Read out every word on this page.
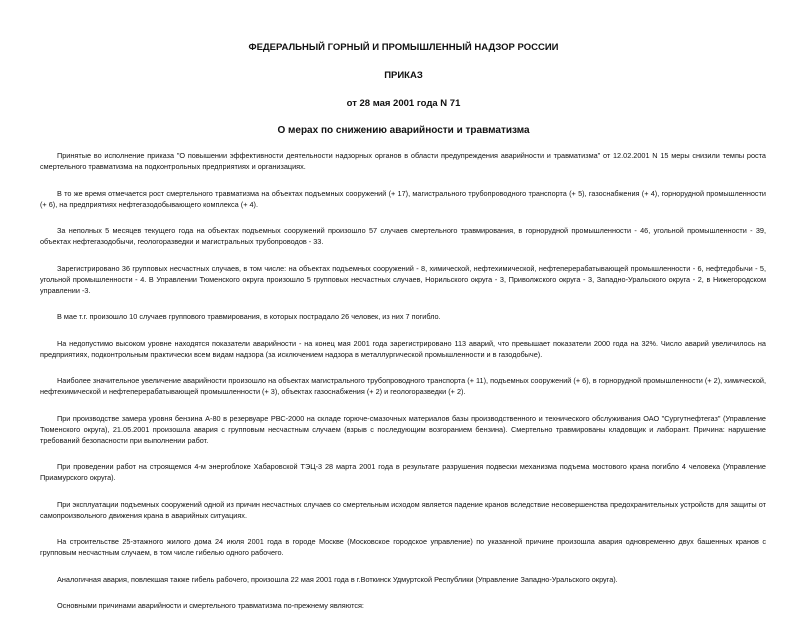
ФЕДЕРАЛЬНЫЙ ГОРНЫЙ И ПРОМЫШЛЕННЫЙ НАДЗОР РОССИИ
ПРИКАЗ
от 28 мая 2001 года N 71
О мерах по снижению аварийности и травматизма

Принятые во исполнение приказа "О повышении эффективности деятельности надзорных органов в области предупреждения аварийности и травматизма" от 12.02.2001 N 15 меры снизили темпы роста смертельного травматизма на подконтрольных предприятиях и организациях.

В то же время отмечается рост смертельного травматизма на объектах подъемных сооружений (+ 17), магистрального трубопроводного транспорта (+ 5), газоснабжения (+ 4), горнорудной промышленности (+ 6), на предприятиях нефтегазодобывающего комплекса (+ 4).

За неполных 5 месяцев текущего года на объектах подъемных сооружений произошло 57 случаев смертельного травмирования, в горнорудной промышленности - 46, угольной промышленности - 39, объектах нефтегазодобычи, геологоразведки и магистральных трубопроводов - 33.

Зарегистрировано 36 групповых несчастных случаев, в том числе: на объектах подъемных сооружений - 8, химической, нефтехимической, нефтеперерабатывающей промышленности - 6, нефтедобычи - 5, угольной промышленности - 4. В Управлении Тюменского округа произошло 5 групповых несчастных случаев, Норильского округа - 3, Приволжского округа - 3, Западно-Уральского округа - 2, в Нижегородском управлении -3.

В мае т.г. произошло 10 случаев группового травмирования, в которых пострадало 26 человек, из них 7 погибло.

На недопустимо высоком уровне находятся показатели аварийности - на конец мая 2001 года зарегистрировано 113 аварий, что превышает показатели 2000 года на 32%. Число аварий увеличилось на предприятиях, подконтрольным практически всем видам надзора (за исключением надзора в металлургической промышленности и в газодобыче).

Наиболее значительное увеличение аварийности произошло на объектах магистрального трубопроводного транспорта (+ 11), подъемных сооружений (+ 6), в горнорудной промышленности (+ 2), химической, нефтехимической и нефтеперерабатывающей промышленности (+ 3), объектах газоснабжения (+ 2) и геологоразведки (+ 2).

При производстве замера уровня бензина А-80 в резервуаре РВС-2000 на складе горюче-смазочных материалов базы производственного и технического обслуживания ОАО "Сургутнефтегаз" (Управление Тюменского округа), 21.05.2001 произошла авария с групповым несчастным случаем (взрыв с последующим возгоранием бензина). Смертельно травмированы кладовщик и лаборант. Причина: нарушение требований безопасности при выполнении работ.

При проведении работ на строящемся 4-м энергоблоке Хабаровской ТЭЦ-3 28 марта 2001 года в результате разрушения подвески механизма подъема мостового крана погибло 4 человека (Управление Приамурского округа).

При эксплуатации подъемных сооружений одной из причин несчастных случаев со смертельным исходом является падение кранов вследствие несовершенства предохранительных устройств для защиты от самопроизвольного движения крана в аварийных ситуациях.

На строительстве 25-этажного жилого дома 24 июля 2001 года в городе Москве (Московское городское управление) по указанной причине произошла авария одновременно двух башенных кранов с групповым несчастным случаем, в том числе гибелью одного рабочего.

Аналогичная авария, повлекшая также гибель рабочего, произошла 22 мая 2001 года в г.Воткинск Удмуртской Республики (Управление Западно-Уральского округа).

Основными причинами аварийности и смертельного травматизма по-прежнему являются:
